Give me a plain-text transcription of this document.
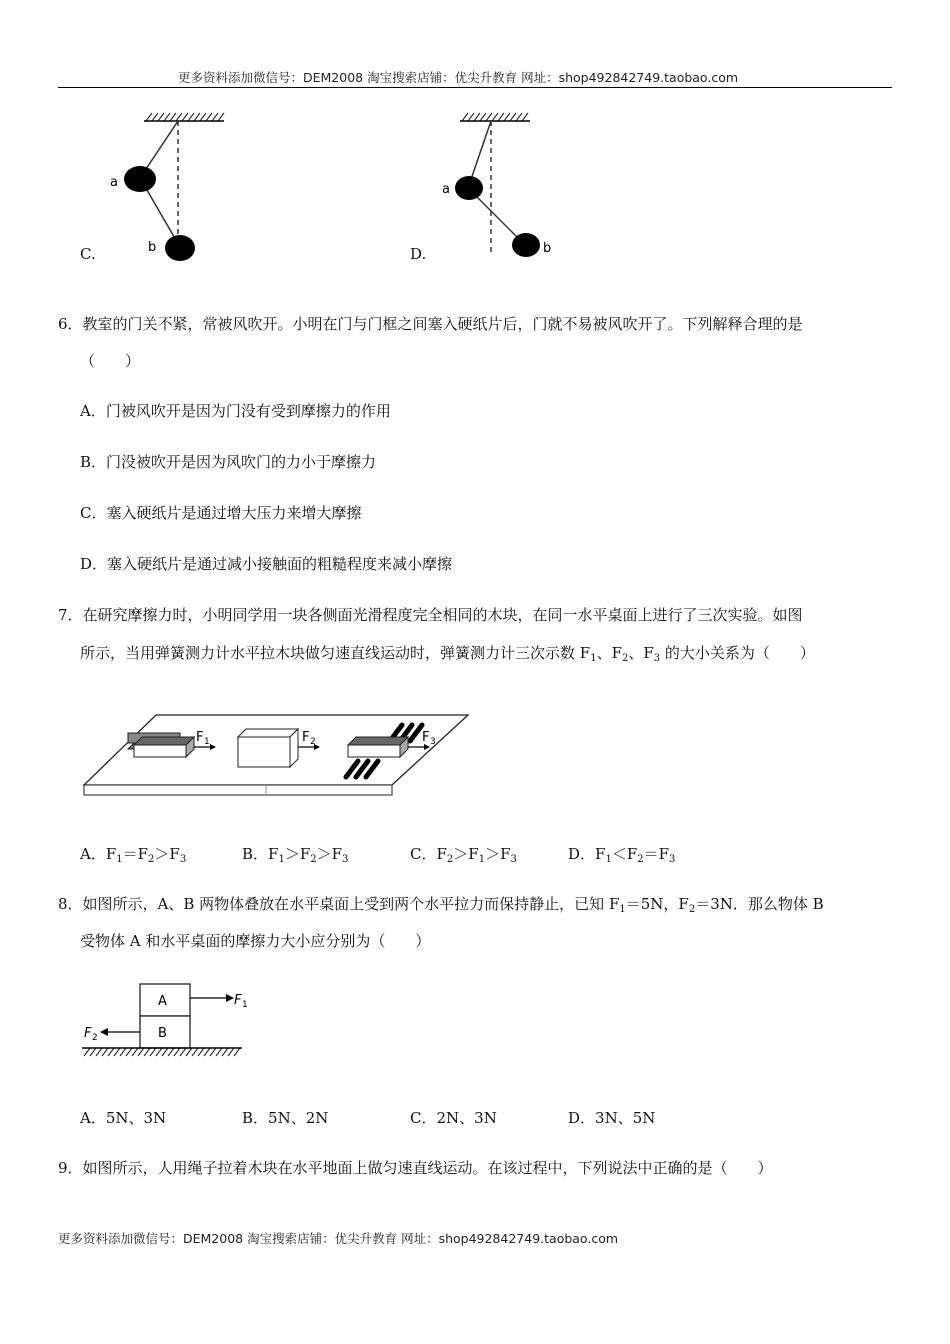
更多资料添加微信号：DEM2008 淘宝搜索店铺：优尖升教育 网址：shop492842749.taobao.com
a
b
C.
a
b
D.
6．教室的门关不紧，常被风吹开。小明在门与门框之间塞入硬纸片后，门就不易被风吹开了。下列解释合理的是
（　　）
A．门被风吹开是因为门没有受到摩擦力的作用
B．门没被吹开是因为风吹门的力小于摩擦力
C．塞入硬纸片是通过增大压力来增大摩擦
D．塞入硬纸片是通过减小接触面的粗糙程度来减小摩擦
7．在研究摩擦力时，小明同学用一块各侧面光滑程度完全相同的木块，在同一水平桌面上进行了三次实验。如图
所示，当用弹簧测力计水平拉木块做匀速直线运动时，弹簧测力计三次示数 $F_1$、$F_2$、$F_3$ 的大小关系为（　　）
F 1	F 2	F 3
A．$F_1=F_2>F_3$	B．$F_1>F_2>F_3$	C．$F_2>F_1>F_3$	D．$F_1<F_2=F_3$
8．如图所示，A、B 两物体叠放在水平桌面上受到两个水平拉力而保持静止，已知 $F_1=5N$，$F_2=3N$．那么物体 B
受物体 A 和水平桌面的摩擦力大小应分别为（　　）
A
B
F 1
F 2
A．5N、3N	B．5N、2N	C．2N、3N	D．3N、5N
9．如图所示，人用绳子拉着木块在水平地面上做匀速直线运动。在该过程中，下列说法中正确的是（　　）
更多资料添加微信号：DEM2008 淘宝搜索店铺：优尖升教育 网址：shop492842749.taobao.com
